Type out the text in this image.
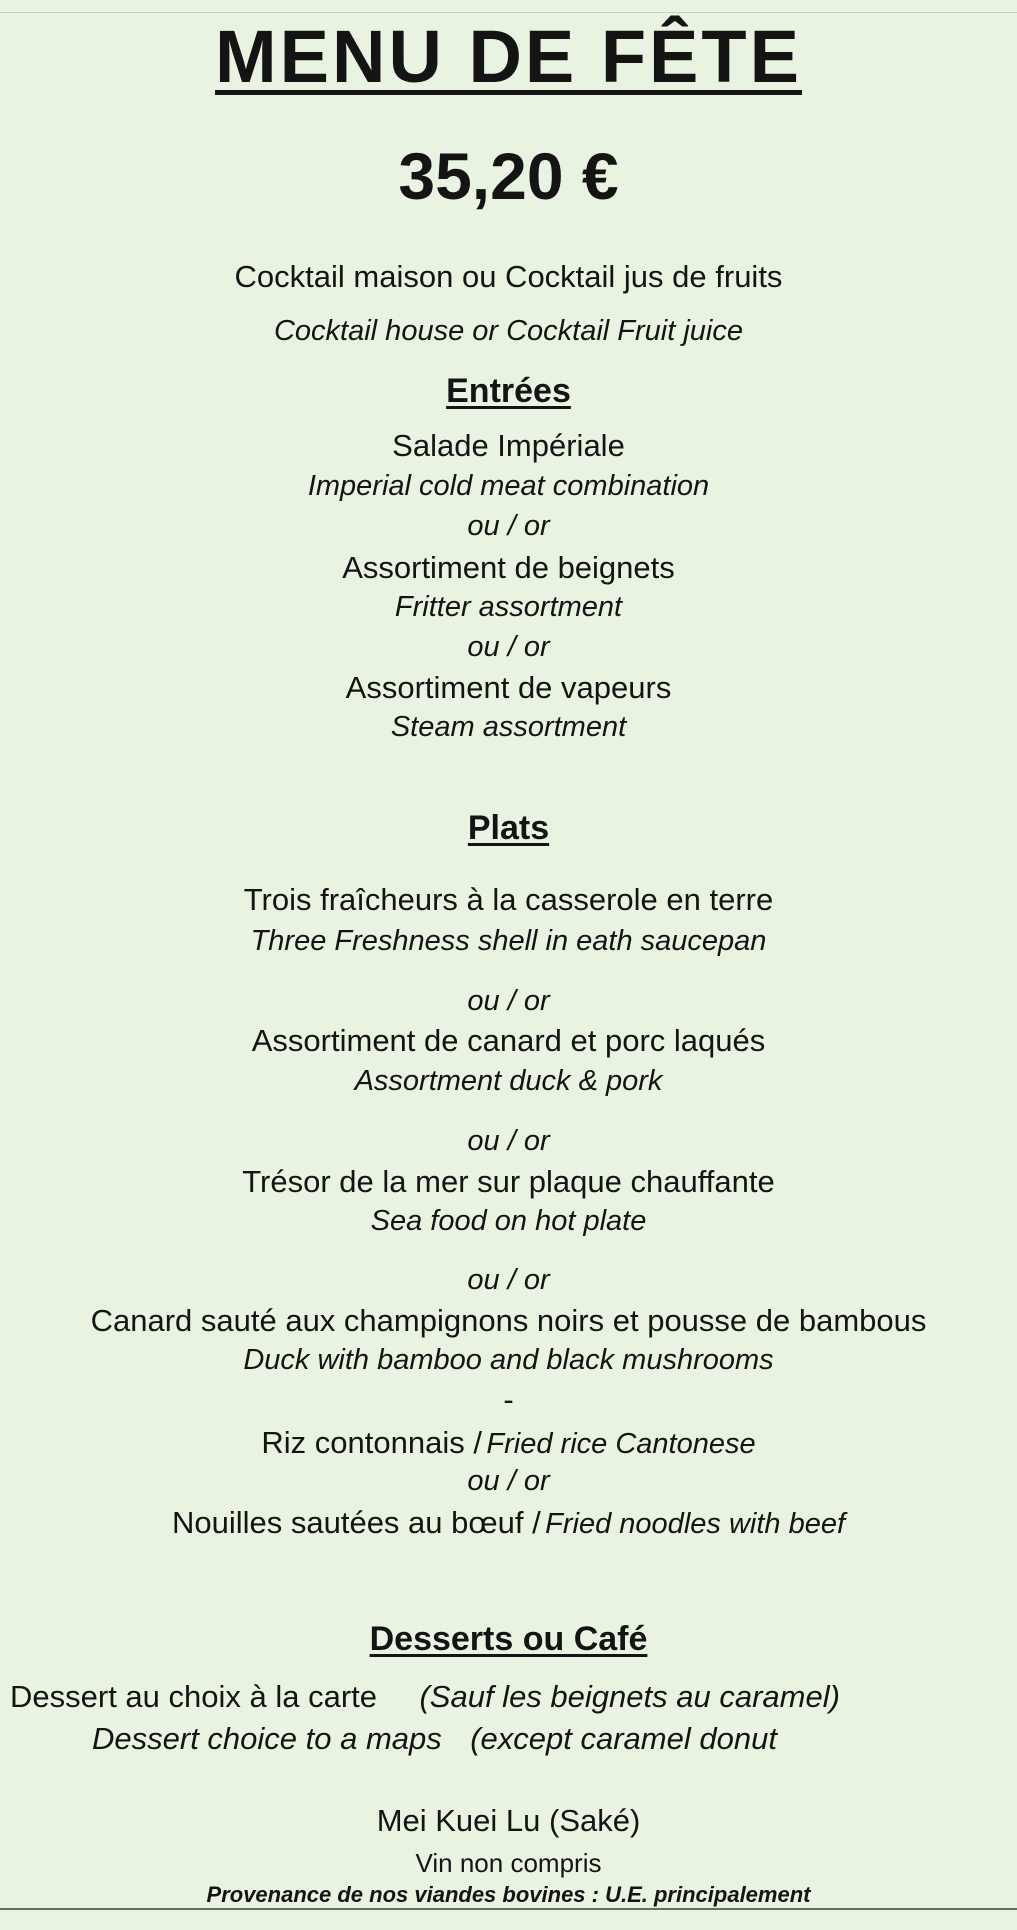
MENU DE FÊTE
35,20 €
Cocktail maison ou Cocktail jus de fruits
Cocktail house or Cocktail Fruit juice
Entrées
Salade Impériale
Imperial cold meat combination
ou / or
Assortiment de beignets
Fritter assortment
ou / or
Assortiment de vapeurs
Steam assortment
Plats
Trois fraîcheurs à la casserole en terre
Three Freshness shell in eath saucepan
ou / or
Assortiment de canard et porc laqués
Assortment duck & pork
ou / or
Trésor de la mer sur plaque chauffante
Sea food on hot plate
ou / or
Canard sauté aux champignons noirs et pousse de bambous
Duck with bamboo and black mushrooms
-
Riz contonnais / Fried rice Cantonese
ou / or
Nouilles sautées au bœuf / Fried noodles with beef
Desserts ou Café
Dessert au choix à la carte (Sauf les beignets au caramel)
Dessert choice to a maps (except caramel donut
Mei Kuei Lu (Saké)
Vin non compris
Provenance de nos viandes bovines : U.E. principalement
